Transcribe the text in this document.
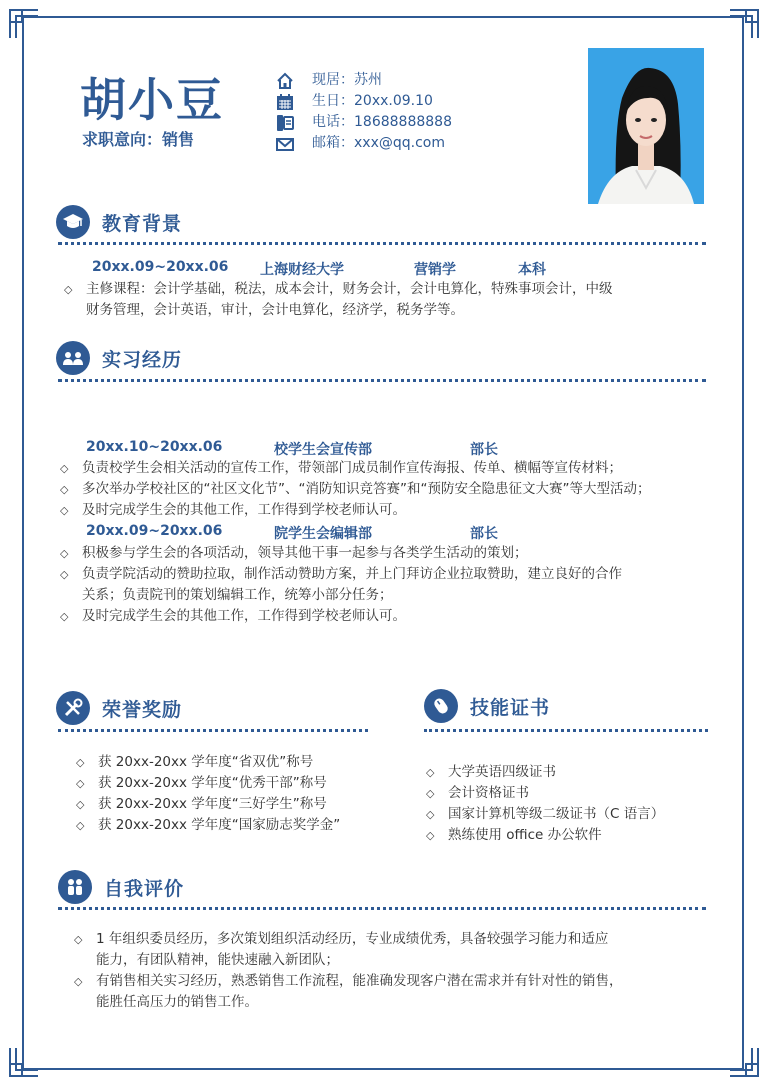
胡小豆
求职意向：销售
现居：苏州
生日：20xx.09.10
电话：18688888888
邮箱：xxx@qq.com
教育背景
20xx.09~20xx.06 上海财经大学	营销学	本科
◇ 主修课程：会计学基础，税法，成本会计，财务会计，会计电算化，特殊事项会计，中级
财务管理，会计英语，审计，会计电算化，经济学，税务学等。
实习经历
20xx.10~20xx.06	校学生会宣传部	部长
◇ 负责校学生会相关活动的宣传工作，带领部门成员制作宣传海报、传单、横幅等宣传材料；
◇ 多次举办学校社区的“社区文化节”、“消防知识竞答赛”和“预防安全隐患征文大赛”等大型活动；
◇ 及时完成学生会的其他工作，工作得到学校老师认可。
20xx.09~20xx.06	院学生会编辑部	部长
◇ 积极参与学生会的各项活动，领导其他干事一起参与各类学生活动的策划；
◇ 负责学院活动的赞助拉取，制作活动赞助方案，并上门拜访企业拉取赞助，建立良好的合作
关系；负责院刊的策划编辑工作，统筹小部分任务；
◇ 及时完成学生会的其他工作，工作得到学校老师认可。
荣誉奖励
◇ 获 20xx-20xx 学年度“省双优”称号
◇ 获 20xx-20xx 学年度“优秀干部”称号
◇ 获 20xx-20xx 学年度“三好学生”称号
◇ 获 20xx-20xx 学年度“国家励志奖学金”
技能证书
◇ 大学英语四级证书
◇ 会计资格证书
◇ 国家计算机等级二级证书（C 语言）
◇ 熟练使用 office 办公软件
自我评价
◇ 1 年组织委员经历，多次策划组织活动经历，专业成绩优秀，具备较强学习能力和适应
能力，有团队精神，能快速融入新团队；
◇ 有销售相关实习经历，熟悉销售工作流程，能准确发现客户潜在需求并有针对性的销售，
能胜任高压力的销售工作。
